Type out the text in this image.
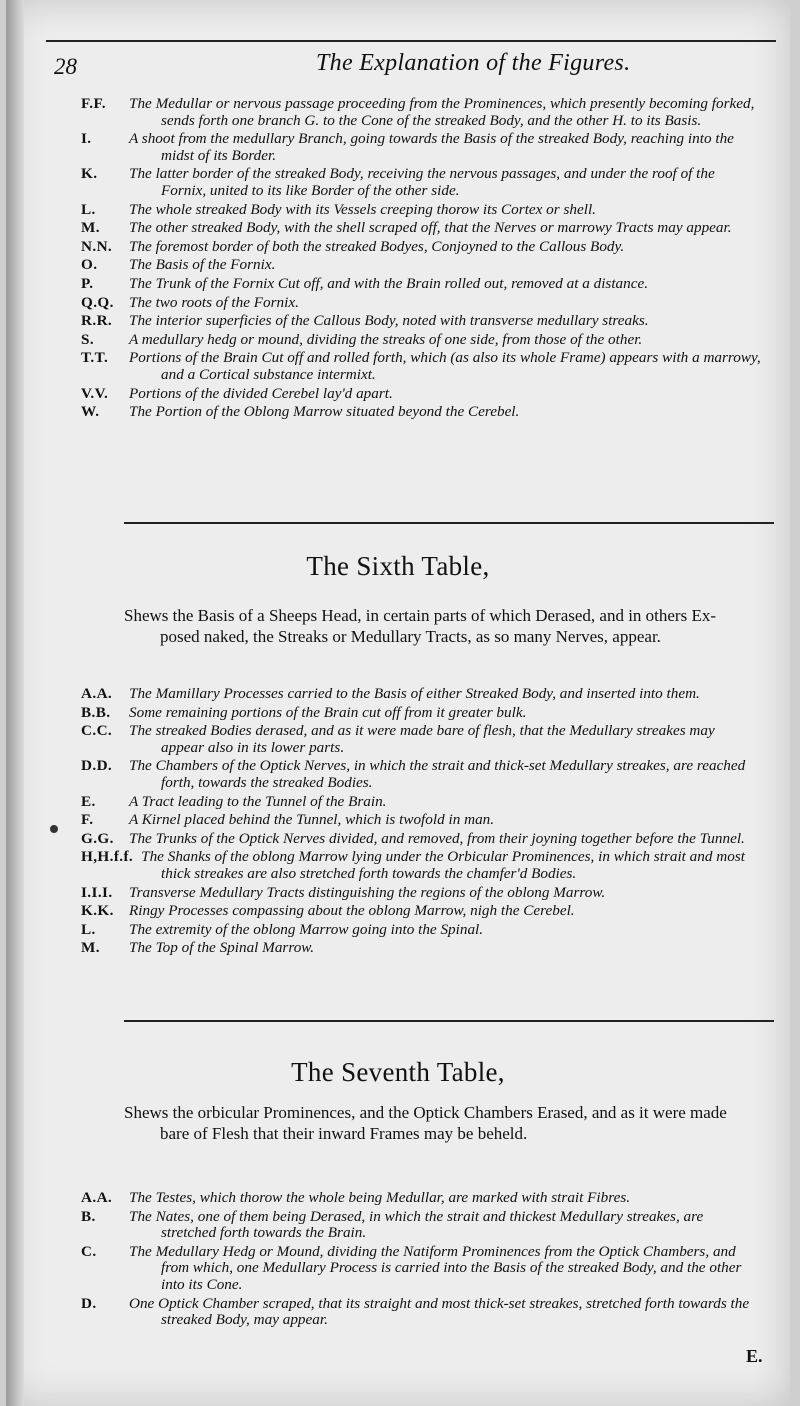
28	The Explanation of the Figures.

F.F. The Medullar or nervous passage proceeding from the Prominences, which presently becoming forked, sends forth one branch G. to the Cone of the streaked Body, and the other H. to its Basis.

I. A shoot from the medullary Branch, going towards the Basis of the streaked Body, reaching into the midst of its Border.

K. The latter border of the streaked Body, receiving the nervous passages, and under the roof of the Fornix, united to its like Border of the other side.

L. The whole streaked Body with its Vessels creeping thorow its Cortex or shell.

M. The other streaked Body, with the shell scraped off, that the Nerves or marrowy Tracts may appear.

N.N. The foremost border of both the streaked Bodyes, Conjoyned to the Callous Body.

O. The Basis of the Fornix.

P. The Trunk of the Fornix Cut off, and with the Brain rolled out, removed at a distance.

Q.Q. The two roots of the Fornix.

R.R. The interior superficies of the Callous Body, noted with transverse medullary streaks.

S. A medullary hedg or mound, dividing the streaks of one side, from those of the other.

T.T. Portions of the Brain Cut off and rolled forth, which (as also its whole Frame) appears with a marrowy, and a Cortical substance intermixt.

V.V. Portions of the divided Cerebel lay'd apart.

W. The Portion of the Oblong Marrow situated beyond the Cerebel.

The Sixth Table,
Shews the Basis of a Sheeps Head, in certain parts of which Derased, and in others Ex-
posed naked, the Streaks or Medullary Tracts, as so many Nerves, appear.

A.A. The Mamillary Processes carried to the Basis of either Streaked Body, and inserted into them.

B.B. Some remaining portions of the Brain cut off from it greater bulk.

C.C. The streaked Bodies derased, and as it were made bare of flesh, that the Medullary streakes may appear also in its lower parts.

D.D. The Chambers of the Optick Nerves, in which the strait and thick-set Medullary streakes, are reached forth, towards the streaked Bodies.

E. A Tract leading to the Tunnel of the Brain.

F. A Kirnel placed behind the Tunnel, which is twofold in man.

G.G. The Trunks of the Optick Nerves divided, and removed, from their joyning together before the Tunnel.

H,H.f.f. The Shanks of the oblong Marrow lying under the Orbicular Prominences, in which strait and most thick streakes are also stretched forth towards the chamfer'd Bodies.

I.I.I. Transverse Medullary Tracts distinguishing the regions of the oblong Marrow.

K.K. Ringy Processes compassing about the oblong Marrow, nigh the Cerebel.

L. The extremity of the oblong Marrow going into the Spinal.

M. The Top of the Spinal Marrow.

The Seventh Table,
Shews the orbicular Prominences, and the Optick Chambers Erased, and as it were made
bare of Flesh that their inward Frames may be beheld.

A.A. The Testes, which thorow the whole being Medullar, are marked with strait Fibres.

B. The Nates, one of them being Derased, in which the strait and thickest Medullary streakes, are stretched forth towards the Brain.

C. The Medullary Hedg or Mound, dividing the Natiform Prominences from the Optick Chambers, and from which, one Medullary Process is carried into the Basis of the streaked Body, and the other into its Cone.

D. One Optick Chamber scraped, that its straight and most thick-set streakes, stretched forth towards the streaked Body, may appear.

E.
